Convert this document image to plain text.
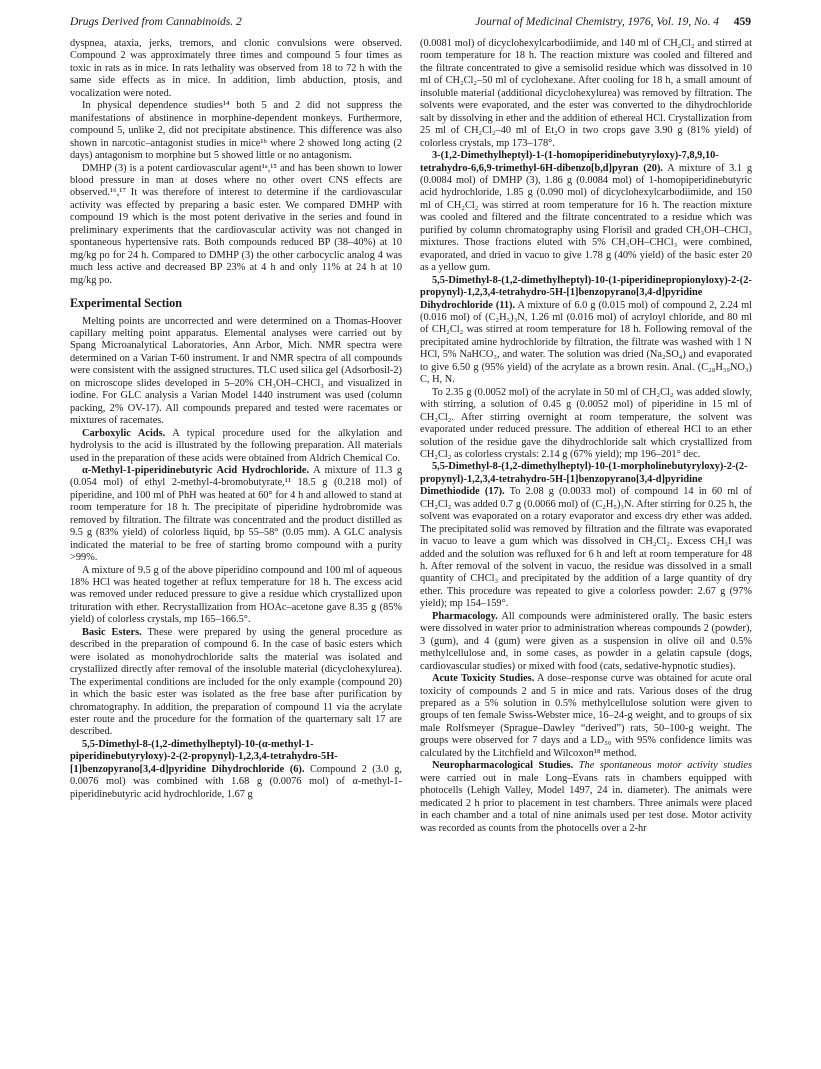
Drugs Derived from Cannabinoids. 2	Journal of Medicinal Chemistry, 1976, Vol. 19, No. 4 459

dyspnea, ataxia, jerks, tremors, and clonic convulsions were observed. Compound 2 was approximately three times and compound 5 four times as toxic in rats as in mice. In rats lethality was observed from 18 to 72 h with the same side effects as in mice. In addition, limb abduction, ptosis, and vocalization were noted.

In physical dependence studies¹⁴ both 5 and 2 did not suppress the manifestations of abstinence in morphine-dependent monkeys. Furthermore, compound 5, unlike 2, did not precipitate abstinence. This difference was also shown in narcotic–antagonist studies in mice¹ᵇ where 2 showed long acting (2 days) antagonism to morphine but 5 showed little or no antagonism.

DMHP (3) is a potent cardiovascular agent¹ᵃ,¹⁵ and has been shown to lower blood pressure in man at doses where no other overt CNS effects are observed.¹⁶,¹⁷ It was therefore of interest to determine if the cardiovascular activity was effected by preparing a basic ester. We compared DMHP with compound 19 which is the most potent derivative in the series and found in preliminary experiments that the cardiovascular activity was not changed in spontaneous hypertensive rats. Both compounds reduced BP (38–40%) at 10 mg/kg po for 24 h. Compared to DMHP (3) the other carbocyclic analog 4 was much less active and decreased BP 23% at 4 h and only 11% at 24 h at 10 mg/kg po.

Experimental Section

Melting points are uncorrected and were determined on a Thomas-Hoover capillary melting point apparatus. Elemental analyses were carried out by Spang Microanalytical Laboratories, Ann Arbor, Mich. NMR spectra were determined on a Varian T-60 instrument. Ir and NMR spectra of all compounds were consistent with the assigned structures. TLC used silica gel (Adsorbosil-2) on microscope slides developed in 5–20% CH₃OH–CHCl₃ and visualized in iodine. For GLC analysis a Varian Model 1440 instrument was used (column packing, 2% OV-17). All compounds prepared and tested were racemates or mixtures of racemates.

Carboxylic Acids. A typical procedure used for the alkylation and hydrolysis to the acid is illustrated by the following preparation. All materials used in the preparation of these acids were obtained from Aldrich Chemical Co.

α-Methyl-1-piperidinebutyric Acid Hydrochloride. A mixture of 11.3 g (0.054 mol) of ethyl 2-methyl-4-bromobutyrate,¹¹ 18.5 g (0.218 mol) of piperidine, and 100 ml of PhH was heated at 60° for 4 h and allowed to stand at room temperature for 18 h. The precipitate of piperidine hydrobromide was removed by filtration. The filtrate was concentrated and the product distilled as 9.5 g (83% yield) of colorless liquid, bp 55–58° (0.05 mm). A GLC analysis indicated the material to be free of starting bromo compound with a purity >99%.

A mixture of 9.5 g of the above piperidino compound and 100 ml of aqueous 18% HCl was heated together at reflux temperature for 18 h. The excess acid was removed under reduced pressure to give a residue which crystallized upon trituration with ether. Recrystallization from HOAc–acetone gave 8.35 g (85% yield) of colorless crystals, mp 165–166.5°.

Basic Esters. These were prepared by using the general procedure as described in the preparation of compound 6. In the case of basic esters which were isolated as monohydrochloride salts the material was isolated and crystallized directly after removal of the insoluble material (dicyclohexylurea). The experimental conditions are included for the only example (compound 20) in which the basic ester was isolated as the free base after purification by chromatography. In addition, the preparation of compound 11 via the acrylate ester route and the procedure for the formation of the quarternary salt 17 are described.

5,5-Dimethyl-8-(1,2-dimethylheptyl)-10-(α-methyl-1-piperidinebutyryloxy)-2-(2-propynyl)-1,2,3,4-tetrahydro-5H-[1]benzopyrano[3,4-d]pyridine Dihydrochloride (6). Compound 2 (3.0 g, 0.0076 mol) was combined with 1.68 g (0.0076 mol) of α-methyl-1-piperidinebutyric acid hydrochloride, 1.67 g

(0.0081 mol) of dicyclohexylcarbodiimide, and 140 ml of CH₂Cl₂ and stirred at room temperature for 18 h. The reaction mixture was cooled and filtered and the filtrate concentrated to give a semisolid residue which was dissolved in 10 ml of CH₂Cl₂–50 ml of cyclohexane. After cooling for 18 h, a small amount of insoluble material (additional dicyclohexylurea) was removed by filtration. The solvents were evaporated, and the ester was converted to the dihydrochloride salt by dissolving in ether and the addition of ethereal HCl. Crystallization from 25 ml of CH₂Cl₂–40 ml of Et₂O in two crops gave 3.90 g (81% yield) of colorless crystals, mp 173–178°.

3-(1,2-Dimethylheptyl)-1-(1-homopiperidinebutyryloxy)-7,8,9,10-tetrahydro-6,6,9-trimethyl-6H-dibenzo[b,d]pyran (20). A mixture of 3.1 g (0.0084 mol) of DMHP (3), 1.86 g (0.0084 mol) of 1-homopiperidinebutyric acid hydrochloride, 1.85 g (0.090 mol) of dicyclohexylcarbodiimide, and 150 ml of CH₂Cl₂ was stirred at room temperature for 16 h. The reaction mixture was cooled and filtered and the filtrate concentrated to a residue which was purified by column chromatography using Florisil and graded CH₃OH–CHCl₃ mixtures. Those fractions eluted with 5% CH₃OH–CHCl₃ were combined, evaporated, and dried in vacuo to give 1.78 g (40% yield) of the basic ester 20 as a yellow gum.

5,5-Dimethyl-8-(1,2-dimethylheptyl)-10-(1-piperidinepropionyloxy)-2-(2-propynyl)-1,2,3,4-tetrahydro-5H-[1]benzopyrano[3,4-d]pyridine Dihydrochloride (11). A mixture of 6.0 g (0.015 mol) of compound 2, 2.24 ml (0.016 mol) of (C₂H₅)₃N, 1.26 ml (0.016 mol) of acryloyl chloride, and 80 ml of CH₂Cl₂ was stirred at room temperature for 18 h. Following removal of the precipitated amine hydrochloride by filtration, the filtrate was washed with 1 N HCl, 5% NaHCO₃, and water. The solution was dried (Na₂SO₄) and evaporated to give 6.50 g (95% yield) of the acrylate as a brown resin. Anal. (C₂₈H₃₉NO₃) C, H, N.

To 2.35 g (0.0052 mol) of the acrylate in 50 ml of CH₂Cl₂ was added slowly, with stirring, a solution of 0.45 g (0.0052 mol) of piperidine in 15 ml of CH₂Cl₂. After stirring overnight at room temperature, the solvent was evaporated under reduced pressure. The addition of ethereal HCl to an ether solution of the residue gave the dihydrochloride salt which crystallized from CH₂Cl₂ as colorless crystals: 2.14 g (67% yield); mp 196–201° dec.

5,5-Dimethyl-8-(1,2-dimethylheptyl)-10-(1-morpholinebutyryloxy)-2-(2-propynyl)-1,2,3,4-tetrahydro-5H-[1]benzopyrano[3,4-d]pyridine Dimethiodide (17). To 2.08 g (0.0033 mol) of compound 14 in 60 ml of CH₂Cl₂ was added 0.7 g (0.0066 mol) of (C₂H₅)₃N. After stirring for 0.25 h, the solvent was evaporated on a rotary evaporator and excess dry ether was added. The precipitated solid was removed by filtration and the filtrate was evaporated in vacuo to leave a gum which was dissolved in CH₂Cl₂. Excess CH₃I was added and the solution was refluxed for 6 h and left at room temperature for 48 h. After removal of the solvent in vacuo, the residue was dissolved in a small quantity of CHCl₃ and precipitated by the addition of a large quantity of dry ether. This procedure was repeated to give a colorless powder: 2.67 g (97% yield); mp 154–159°.

Pharmacology. All compounds were administered orally. The basic esters were dissolved in water prior to administration whereas compounds 2 (powder), 3 (gum), and 4 (gum) were given as a suspension in olive oil and 0.5% methylcellulose and, in some cases, as powder in a gelatin capsule (dogs, cardiovascular studies) or mixed with food (cats, sedative-hypnotic studies).

Acute Toxicity Studies. A dose–response curve was obtained for acute oral toxicity of compounds 2 and 5 in mice and rats. Various doses of the drug prepared as a 5% solution in 0.5% methylcellulose solution were given to groups of ten female Swiss-Webster mice, 16–24-g weight, and to groups of six male Rolfsmeyer (Sprague–Dawley “derived”) rats, 50–100-g weight. The groups were observed for 7 days and a LD₅₀ with 95% confidence limits was calculated by the Litchfield and Wilcoxon¹⁸ method.

Neuropharmacological Studies. The spontaneous motor activity studies were carried out in male Long–Evans rats in chambers equipped with photocells (Lehigh Valley, Model 1497, 24 in. diameter). The animals were medicated 2 h prior to placement in test chambers. Three animals were placed in each chamber and a total of nine animals used per test dose. Motor activity was recorded as counts from the photocells over a 2-hr
